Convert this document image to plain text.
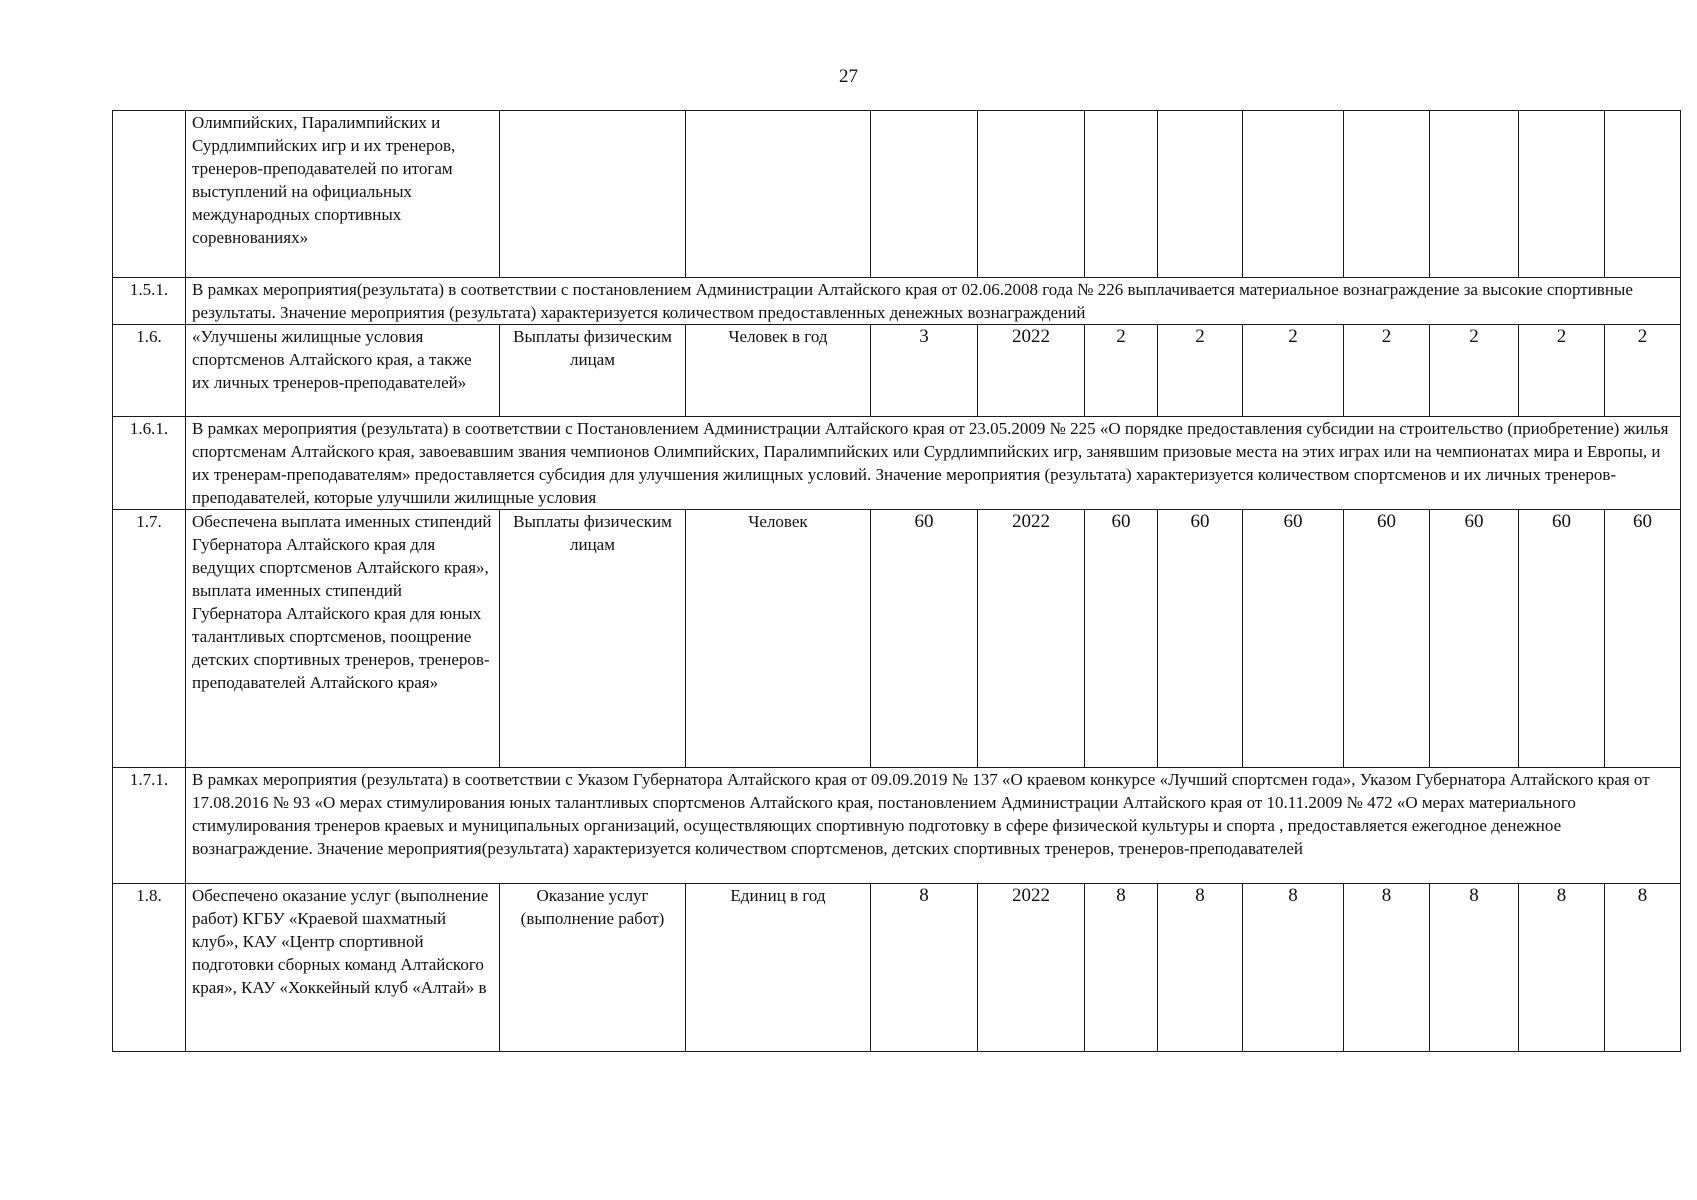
27
	Олимпийских, Паралимпийских и Сурдлимпийских игр и их тренеров, тренеров-преподавателей по итогам выступлений на официальных международных спортивных соревнованиях»											
1.5.1.	В рамках мероприятия(результата) в соответствии с постановлением Администрации Алтайского края от 02.06.2008 года № 226 выплачивается материальное вознаграждение за высокие спортивные результаты. Значение мероприятия (результата) характеризуется количеством предоставленных денежных вознаграждений											
1.6.	«Улучшены жилищные условия спортсменов Алтайского края, а также их личных тренеров-преподавателей»	Выплаты физическим лицам	Человек в год	3	2022	2	2	2	2	2	2	2
1.6.1.	В рамках мероприятия (результата) в соответствии с Постановлением Администрации Алтайского края от 23.05.2009 № 225 «О порядке предоставления субсидии на строительство (приобретение) жилья спортсменам Алтайского края, завоевавшим звания чемпионов Олимпийских, Паралимпийских или Сурдлимпийских игр, занявшим призовые места на этих играх или на чемпионатах мира и Европы, и их тренерам-преподавателям» предоставляется субсидия для улучшения жилищных условий. Значение мероприятия (результата) характеризуется количеством спортсменов и их личных тренеров-преподавателей, которые улучшили жилищные условия											
1.7.	Обеспечена выплата именных стипендий Губернатора Алтайского края для ведущих спортсменов Алтайского края», выплата именных стипендий Губернатора Алтайского края для юных талантливых спортсменов, поощрение детских спортивных тренеров, тренеров-преподавателей Алтайского края»	Выплаты физическим лицам	Человек	60	2022	60	60	60	60	60	60	60
1.7.1.	В рамках мероприятия (результата) в соответствии с Указом Губернатора Алтайского края от 09.09.2019 № 137 «О краевом конкурсе «Лучший спортсмен года», Указом Губернатора Алтайского края от 17.08.2016 № 93 «О мерах стимулирования юных талантливых спортсменов Алтайского края, постановлением Администрации Алтайского края от 10.11.2009 № 472 «О мерах материального стимулирования тренеров краевых и муниципальных организаций, осуществляющих спортивную подготовку в сфере физической культуры и спорта , предоставляется ежегодное денежное вознаграждение. Значение мероприятия(результата) характеризуется количеством спортсменов, детских спортивных тренеров, тренеров-преподавателей											
1.8.	Обеспечено оказание услуг (выполнение работ) КГБУ «Краевой шахматный клуб», КАУ «Центр спортивной подготовки сборных команд Алтайского края», КАУ «Хоккейный клуб «Алтай» в	Оказание услуг (выполнение работ)	Единиц в год	8	2022	8	8	8	8	8	8	8
